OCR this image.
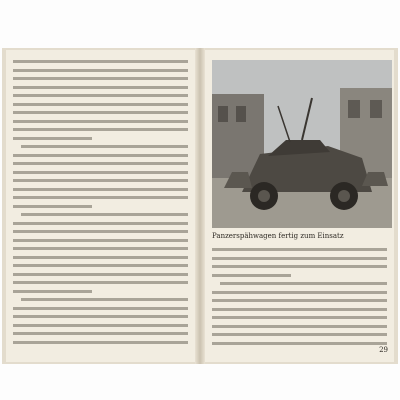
Panzerspähwagen fertig zum Einsatz
29
